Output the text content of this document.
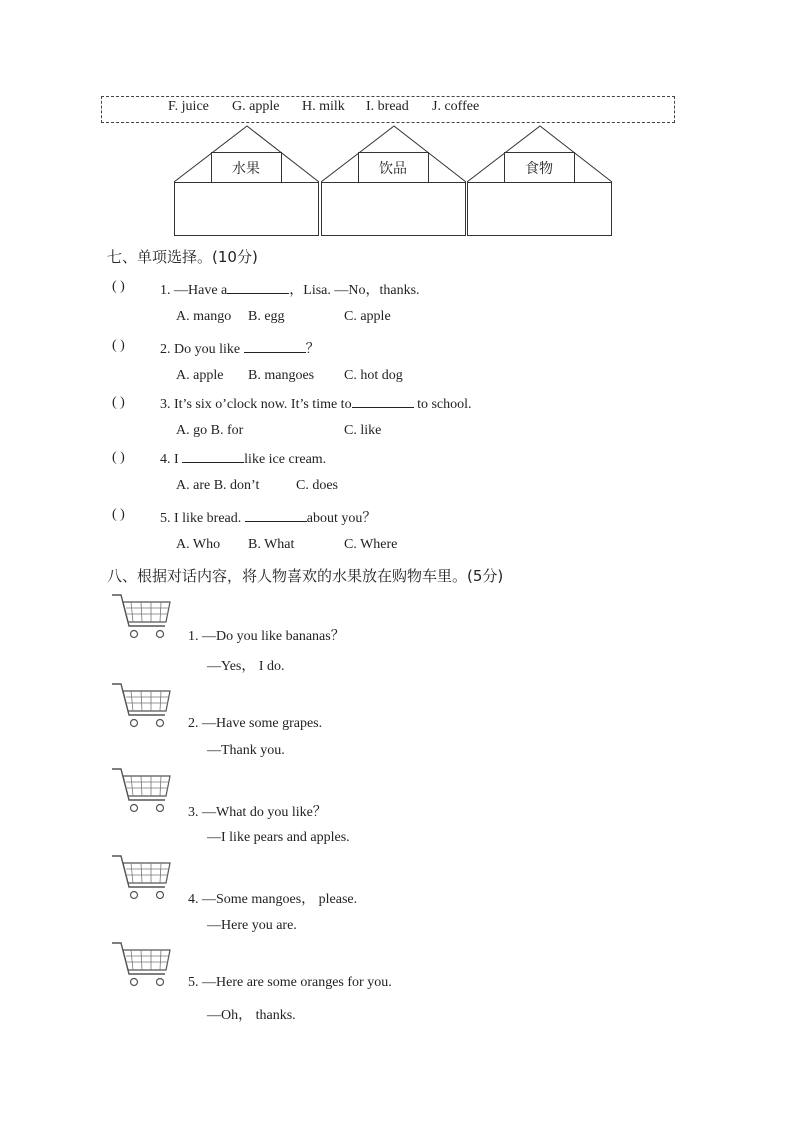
F. juice G. apple H. milk I. bread J. coffee
水果	饮品	食物
七、单项选择。(10分)
( )	1. —Have a	，Lisa. —No，thanks.
A. mango B. egg	C. apple
( )	2. Do you like	？
A. apple B. mangoes C. hot dog
( )	3. It’s six o’clock now. It’s time to	to school.
A. go B. for	C. like
( )	4. I	like ice cream.
A. are B. don’t	C. does
( )	5. I like bread.	about you？
A. Who B. What	C. Where
八、根据对话内容，将人物喜欢的水果放在购物车里。(5分)
1. —Do you like bananas？
—Yes， I do.
2. —Have some grapes.
—Thank you.
3. —What do you like？
—I like pears and apples.
4. —Some mangoes， please.
—Here you are.
5. —Here are some oranges for you.
—Oh， thanks.
